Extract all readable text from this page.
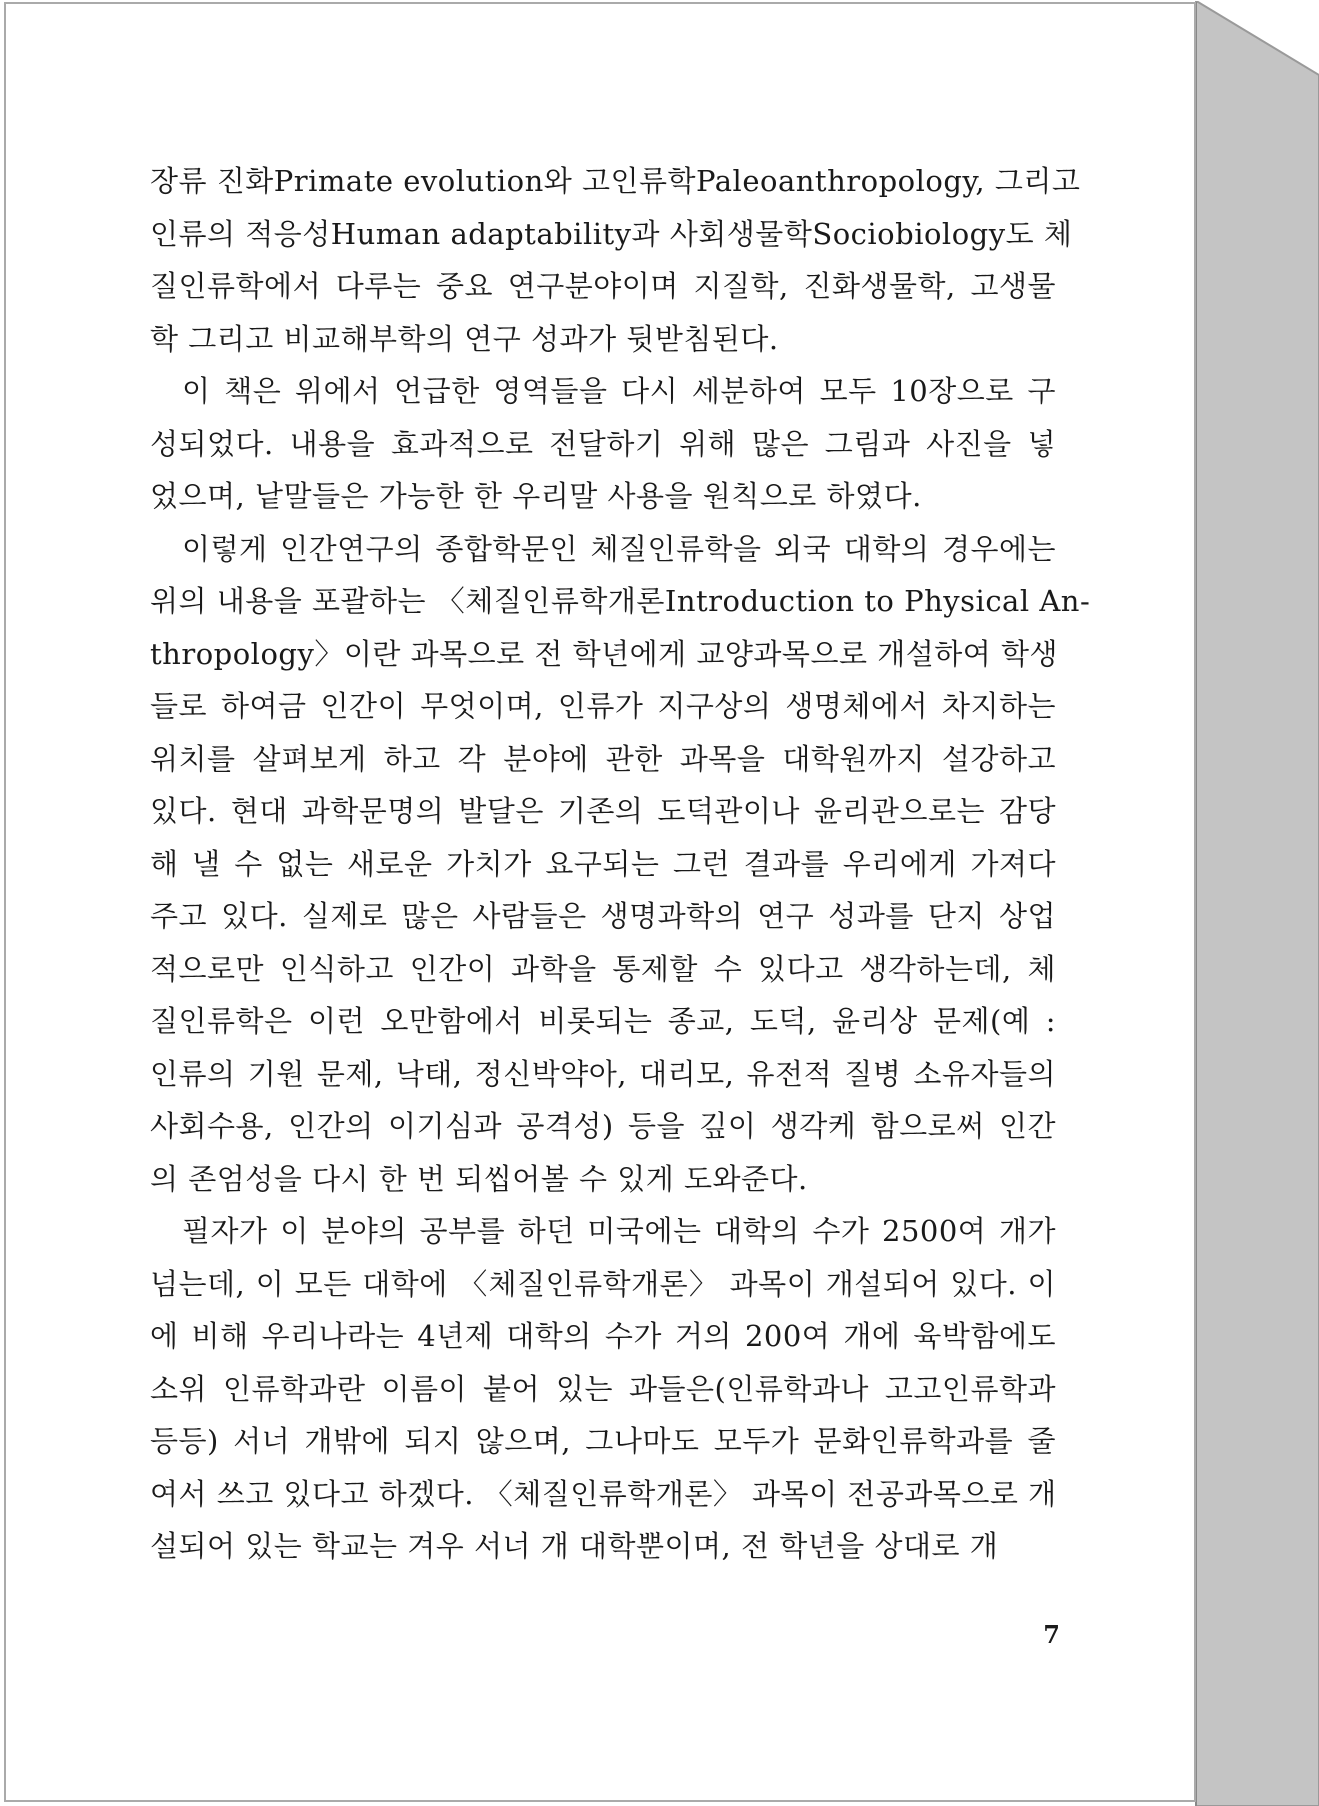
장류 진화Primate evolution와 고인류학Paleoanthropology, 그리고
인류의 적응성Human adaptability과 사회생물학Sociobiology도 체
질인류학에서 다루는 중요 연구분야이며 지질학, 진화생물학, 고생물
학 그리고 비교해부학의 연구 성과가 뒷받침된다.
이 책은 위에서 언급한 영역들을 다시 세분하여 모두 10장으로 구
성되었다. 내용을 효과적으로 전달하기 위해 많은 그림과 사진을 넣
었으며, 낱말들은 가능한 한 우리말 사용을 원칙으로 하였다.
이렇게 인간연구의 종합학문인 체질인류학을 외국 대학의 경우에는
위의 내용을 포괄하는 〈체질인류학개론Introduction to Physical An-
thropology〉이란 과목으로 전 학년에게 교양과목으로 개설하여 학생
들로 하여금 인간이 무엇이며, 인류가 지구상의 생명체에서 차지하는
위치를 살펴보게 하고 각 분야에 관한 과목을 대학원까지 설강하고
있다. 현대 과학문명의 발달은 기존의 도덕관이나 윤리관으로는 감당
해 낼 수 없는 새로운 가치가 요구되는 그런 결과를 우리에게 가져다
주고 있다. 실제로 많은 사람들은 생명과학의 연구 성과를 단지 상업
적으로만 인식하고 인간이 과학을 통제할 수 있다고 생각하는데, 체
질인류학은 이런 오만함에서 비롯되는 종교, 도덕, 윤리상 문제(예 :
인류의 기원 문제, 낙태, 정신박약아, 대리모, 유전적 질병 소유자들의
사회수용, 인간의 이기심과 공격성) 등을 깊이 생각케 함으로써 인간
의 존엄성을 다시 한 번 되씹어볼 수 있게 도와준다.
필자가 이 분야의 공부를 하던 미국에는 대학의 수가 2500여 개가
넘는데, 이 모든 대학에 〈체질인류학개론〉 과목이 개설되어 있다. 이
에 비해 우리나라는 4년제 대학의 수가 거의 200여 개에 육박함에도
소위 인류학과란 이름이 붙어 있는 과들은(인류학과나 고고인류학과
등등) 서너 개밖에 되지 않으며, 그나마도 모두가 문화인류학과를 줄
여서 쓰고 있다고 하겠다. 〈체질인류학개론〉 과목이 전공과목으로 개
설되어 있는 학교는 겨우 서너 개 대학뿐이며, 전 학년을 상대로 개
7
